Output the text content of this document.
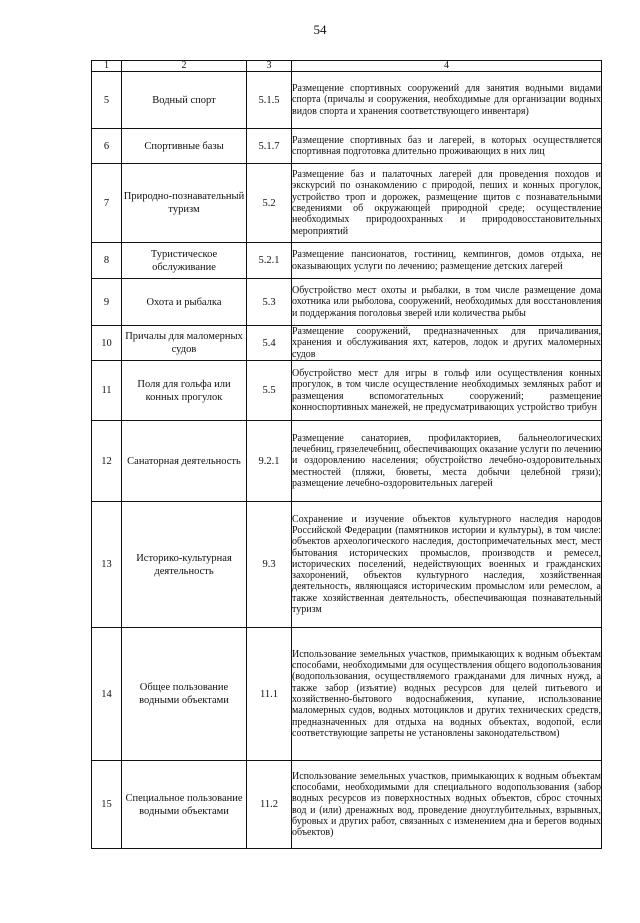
54
1	2	3	4
5	Водный спорт	5.1.5	Размещение спортивных сооружений для занятия водными видами спорта (причалы и сооружения, необходимые для организации водных видов спорта и хранения соответствующего инвентаря)
6	Спортивные базы	5.1.7	Размещение спортивных баз и лагерей, в которых осуществляется спортивная подготовка длительно проживающих в них лиц
7	Природно-познавательный туризм	5.2	Размещение баз и палаточных лагерей для проведения походов и экскурсий по ознакомлению с природой, пеших и конных прогулок, устройство троп и дорожек, размещение щитов с познавательными сведениями об окружающей природной среде; осуществление необходимых природоохранных и природовосстановительных мероприятий
8	Туристическое обслуживание	5.2.1	Размещение пансионатов, гостиниц, кемпингов, домов отдыха, не оказывающих услуги по лечению; размещение детских лагерей
9	Охота и рыбалка	5.3	Обустройство мест охоты и рыбалки, в том числе размещение дома охотника или рыболова, сооружений, необходимых для восстановления и поддержания поголовья зверей или количества рыбы
10	Причалы для маломерных судов	5.4	Размещение сооружений, предназначенных для причаливания, хранения и обслуживания яхт, катеров, лодок и других маломерных судов
11	Поля для гольфа или конных прогулок	5.5	Обустройство мест для игры в гольф или осуществления конных прогулок, в том числе осуществление необходимых земляных работ и размещения вспомогательных сооружений; размещение конноспортивных манежей, не предусматривающих устройство трибун
12	Санаторная деятельность	9.2.1	Размещение санаториев, профилакториев, бальнеологических лечебниц, грязелечебниц, обеспечивающих оказание услуги по лечению и оздоровлению населения; обустройство лечебно-оздоровительных местностей (пляжи, бюветы, места добычи целебной грязи); размещение лечебно-оздоровительных лагерей
13	Историко-культурная деятельность	9.3	Сохранение и изучение объектов культурного наследия народов Российской Федерации (памятников истории и культуры), в том числе: объектов археологического наследия, достопримечательных мест, мест бытования исторических промыслов, производств и ремесел, исторических поселений, недействующих военных и гражданских захоронений, объектов культурного наследия, хозяйственная деятельность, являющаяся историческим промыслом или ремеслом, а также хозяйственная деятельность, обеспечивающая познавательный туризм
14	Общее пользование водными объектами	11.1	Использование земельных участков, примыкающих к водным объектам способами, необходимыми для осуществления общего водопользования (водопользования, осуществляемого гражданами для личных нужд, а также забор (изъятие) водных ресурсов для целей питьевого и хозяйственно-бытового водоснабжения, купание, использование маломерных судов, водных мотоциклов и других технических средств, предназначенных для отдыха на водных объектах, водопой, если соответствующие запреты не установлены законодательством)
15	Специальное пользование водными объектами	11.2	Использование земельных участков, примыкающих к водным объектам способами, необходимыми для специального водопользования (забор водных ресурсов из поверхностных водных объектов, сброс сточных вод и (или) дренажных вод, проведение дноуглубительных, взрывных, буровых и других работ, связанных с изменением дна и берегов водных объектов)
